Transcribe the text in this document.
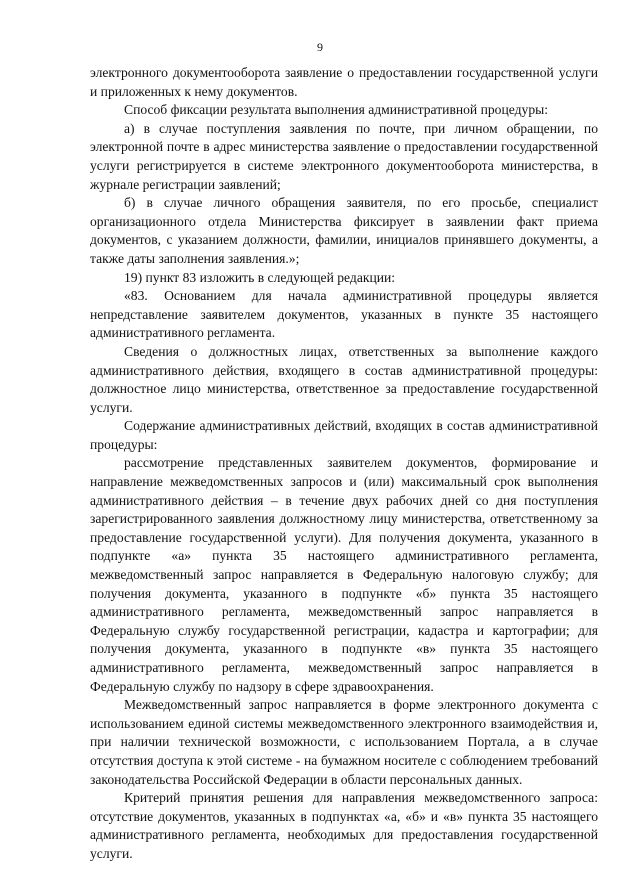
9

электронного документооборота заявление о предоставлении государственной услуги и приложенных к нему документов.

Способ фиксации результата выполнения административной процедуры:

а) в случае поступления заявления по почте, при личном обращении, по электронной почте в адрес министерства заявление о предоставлении государственной услуги регистрируется в системе электронного документооборота министерства, в журнале регистрации заявлений;

б) в случае личного обращения заявителя, по его просьбе, специалист организационного отдела Министерства фиксирует в заявлении факт приема документов, с указанием должности, фамилии, инициалов принявшего документы, а также даты заполнения заявления.»;

19) пункт 83 изложить в следующей редакции:

«83. Основанием для начала административной процедуры является непредставление заявителем документов, указанных в пункте 35 настоящего административного регламента.

Сведения о должностных лицах, ответственных за выполнение каждого административного действия, входящего в состав административной процедуры: должностное лицо министерства, ответственное за предоставление государственной услуги.

Содержание административных действий, входящих в состав административной процедуры:

рассмотрение представленных заявителем документов, формирование и направление межведомственных запросов и (или) максимальный срок выполнения административного действия – в течение двух рабочих дней со дня поступления зарегистрированного заявления должностному лицу министерства, ответственному за предоставление государственной услуги). Для получения документа, указанного в подпункте «а» пункта 35 настоящего административного регламента, межведомственный запрос направляется в Федеральную налоговую службу; для получения документа, указанного в подпункте «б» пункта 35 настоящего административного регламента, межведомственный запрос направляется в Федеральную службу государственной регистрации, кадастра и картографии; для получения документа, указанного в подпункте «в» пункта 35 настоящего административного регламента, межведомственный запрос направляется в Федеральную службу по надзору в сфере здравоохранения.

Межведомственный запрос направляется в форме электронного документа с использованием единой системы межведомственного электронного взаимодействия и, при наличии технической возможности, с использованием Портала, а в случае отсутствия доступа к этой системе - на бумажном носителе с соблюдением требований законодательства Российской Федерации в области персональных данных.

Критерий принятия решения для направления межведомственного запроса: отсутствие документов, указанных в подпунктах «а, «б» и «в» пункта 35 настоящего административного регламента, необходимых для предоставления государственной услуги.
